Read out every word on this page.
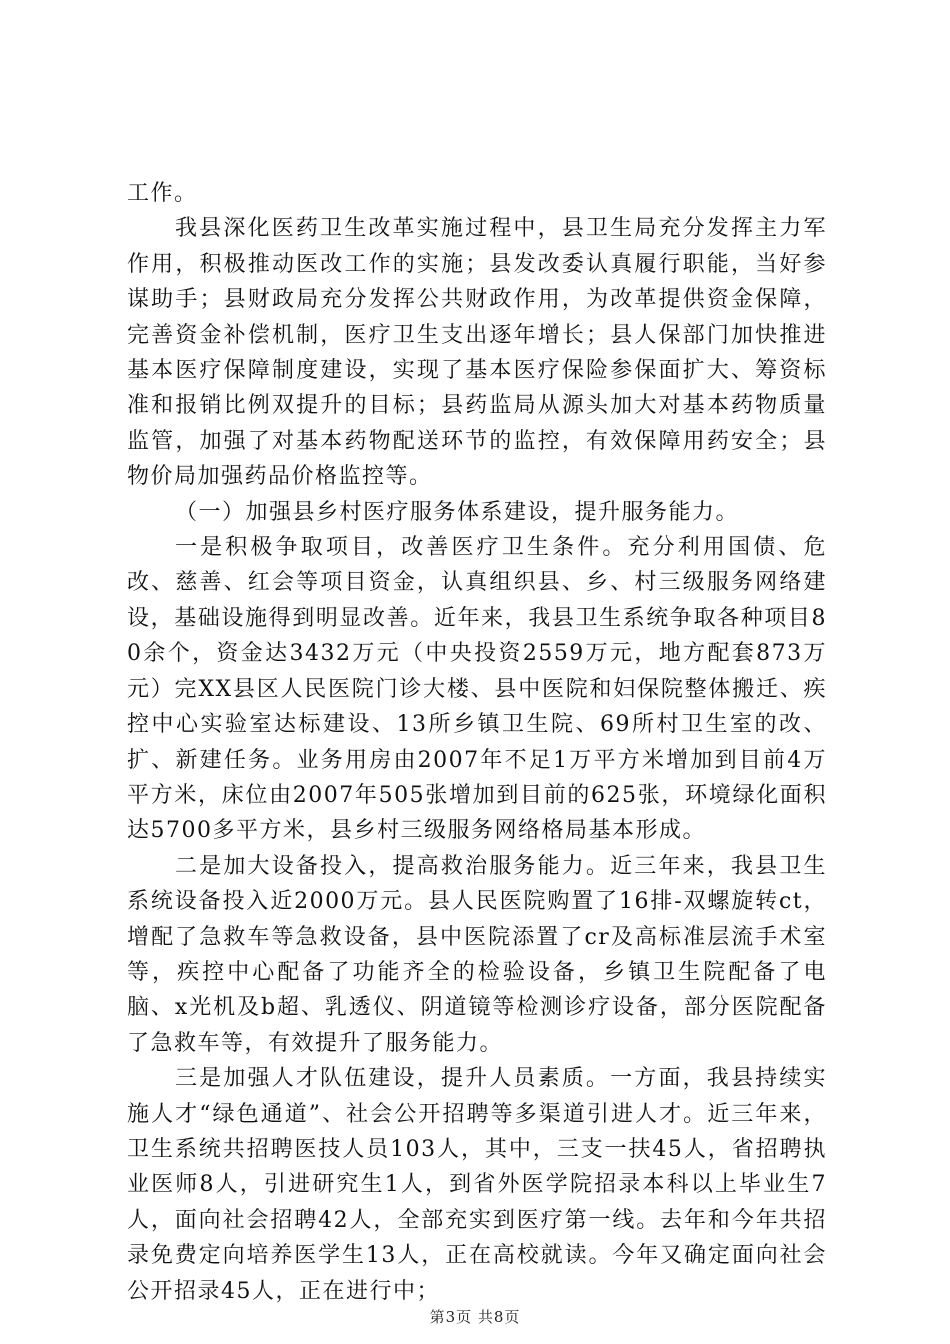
工作。

我县深化医药卫生改革实施过程中，县卫生局充分发挥主力军作用，积极推动医改工作的实施；县发改委认真履行职能，当好参谋助手；县财政局充分发挥公共财政作用，为改革提供资金保障，完善资金补偿机制，医疗卫生支出逐年增长；县人保部门加快推进基本医疗保障制度建设，实现了基本医疗保险参保面扩大、筹资标准和报销比例双提升的目标；县药监局从源头加大对基本药物质量监管，加强了对基本药物配送环节的监控，有效保障用药安全；县物价局加强药品价格监控等。

（一）加强县乡村医疗服务体系建设，提升服务能力。

一是积极争取项目，改善医疗卫生条件。充分利用国债、危改、慈善、红会等项目资金，认真组织县、乡、村三级服务网络建设，基础设施得到明显改善。近年来，我县卫生系统争取各种项目80余个，资金达3432万元（中央投资2559万元，地方配套873万元）完XX县区人民医院门诊大楼、县中医院和妇保院整体搬迁、疾控中心实验室达标建设、13所乡镇卫生院、69所村卫生室的改、扩、新建任务。业务用房由2007年不足1万平方米增加到目前4万平方米，床位由2007年505张增加到目前的625张，环境绿化面积达5700多平方米，县乡村三级服务网络格局基本形成。

二是加大设备投入，提高救治服务能力。近三年来，我县卫生系统设备投入近2000万元。县人民医院购置了16排-双螺旋转ct，增配了急救车等急救设备，县中医院添置了cr及高标准层流手术室等，疾控中心配备了功能齐全的检验设备，乡镇卫生院配备了电脑、x光机及b超、乳透仪、阴道镜等检测诊疗设备，部分医院配备了急救车等，有效提升了服务能力。

三是加强人才队伍建设，提升人员素质。一方面，我县持续实施人才“绿色通道”、社会公开招聘等多渠道引进人才。近三年来，卫生系统共招聘医技人员103人，其中，三支一扶45人，省招聘执业医师8人，引进研究生1人，到省外医学院招录本科以上毕业生7人，面向社会招聘42人，全部充实到医疗第一线。去年和今年共招录免费定向培养医学生13人，正在高校就读。今年又确定面向社会公开招录45人，正在进行中；

第3页 共8页
